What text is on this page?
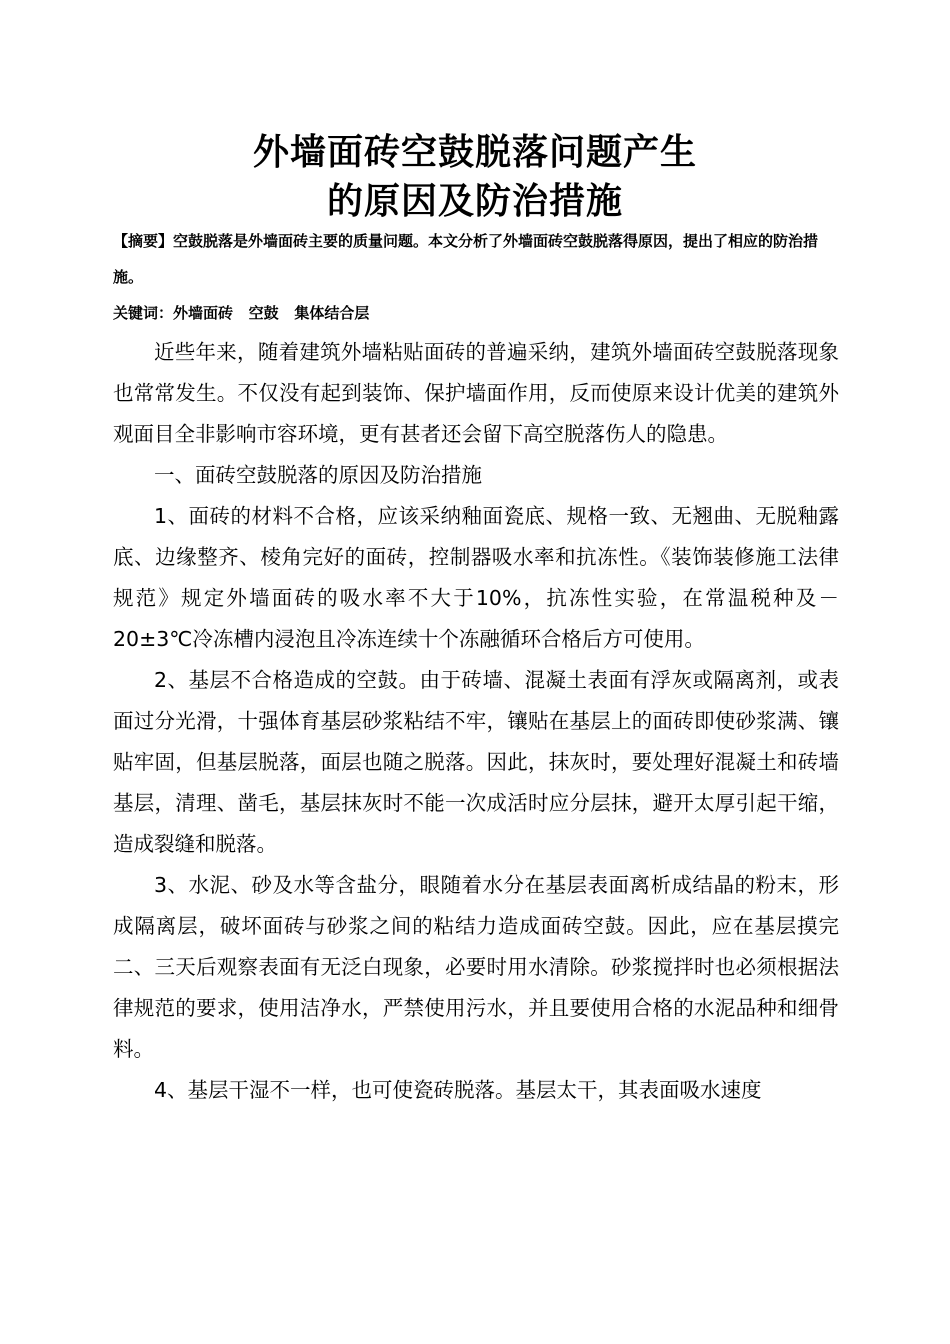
外墙面砖空鼓脱落问题产生
的原因及防治措施
【摘要】空鼓脱落是外墙面砖主要的质量问题。本文分析了外墙面砖空鼓脱落得原因，提出了相应的防治措施。
关键词：外墙面砖   空鼓   集体结合层

近些年来，随着建筑外墙粘贴面砖的普遍采纳，建筑外墙面砖空鼓脱落现象也常常发生。不仅没有起到装饰、保护墙面作用，反而使原来设计优美的建筑外观面目全非影响市容环境，更有甚者还会留下高空脱落伤人的隐患。

一、面砖空鼓脱落的原因及防治措施

1、面砖的材料不合格，应该采纳釉面瓷底、规格一致、无翘曲、无脱釉露底、边缘整齐、棱角完好的面砖，控制器吸水率和抗冻性。《装饰装修施工法律规范》规定外墙面砖的吸水率不大于10%，抗冻性实验，在常温税种及－20±3℃冷冻槽内浸泡且冷冻连续十个冻融循环合格后方可使用。

2、基层不合格造成的空鼓。由于砖墙、混凝土表面有浮灰或隔离剂，或表面过分光滑，十强体育基层砂浆粘结不牢，镶贴在基层上的面砖即使砂浆满、镶贴牢固，但基层脱落，面层也随之脱落。因此，抹灰时，要处理好混凝土和砖墙基层，清理、凿毛，基层抹灰时不能一次成活时应分层抹，避开太厚引起干缩，造成裂缝和脱落。

3、水泥、砂及水等含盐分，眼随着水分在基层表面离析成结晶的粉末，形成隔离层，破坏面砖与砂浆之间的粘结力造成面砖空鼓。因此，应在基层摸完二、三天后观察表面有无泛白现象，必要时用水清除。砂浆搅拌时也必须根据法律规范的要求，使用洁净水，严禁使用污水，并且要使用合格的水泥品种和细骨料。

4、基层干湿不一样，也可使瓷砖脱落。基层太干，其表面吸水速度
